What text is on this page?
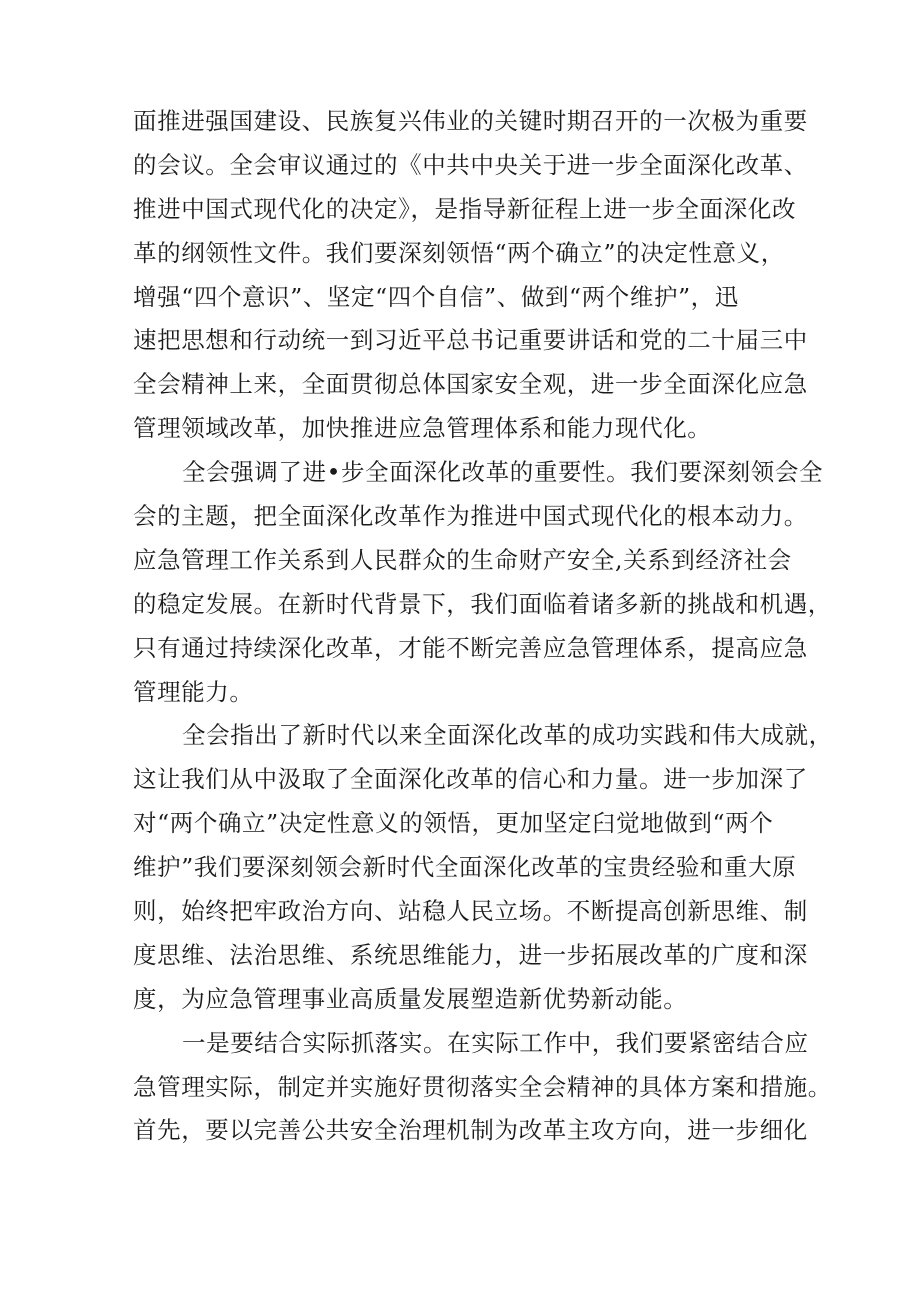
面推进强国建设、民族复兴伟业的关键时期召开的一次极为重要
的会议。全会审议通过的《中共中央关于进一步全面深化改革、
推进中国式现代化的决定》，是指导新征程上进一步全面深化改
革的纲领性文件。我们要深刻领悟“两个确立”的决定性意义，
增强“四个意识”、坚定“四个自信”、做到“两个维护”，迅
速把思想和行动统一到习近平总书记重要讲话和党的二十届三中
全会精神上来，全面贯彻总体国家安全观，进一步全面深化应急
管理领域改革，加快推进应急管理体系和能力现代化。
全会强调了进•步全面深化改革的重要性。我们要深刻领会全
会的主题，把全面深化改革作为推进中国式现代化的根本动力。
应急管理工作关系到人民群众的生命财产安全,关系到经济社会
的稳定发展。在新时代背景下，我们面临着诸多新的挑战和机遇，
只有通过持续深化改革，才能不断完善应急管理体系，提高应急
管理能力。
全会指出了新时代以来全面深化改革的成功实践和伟大成就，
这让我们从中汲取了全面深化改革的信心和力量。进一步加深了
对“两个确立”决定性意义的领悟，更加坚定臼觉地做到“两个
维护”我们要深刻领会新时代全面深化改革的宝贵经验和重大原
则，始终把牢政治方向、站稳人民立场。不断提高创新思维、制
度思维、法治思维、系统思维能力，进一步拓展改革的广度和深
度，为应急管理事业高质量发展塑造新优势新动能。
一是要结合实际抓落实。在实际工作中，我们要紧密结合应
急管理实际，制定并实施好贯彻落实全会精神的具体方案和措施。
首先，要以完善公共安全治理机制为改革主攻方向，进一步细化
